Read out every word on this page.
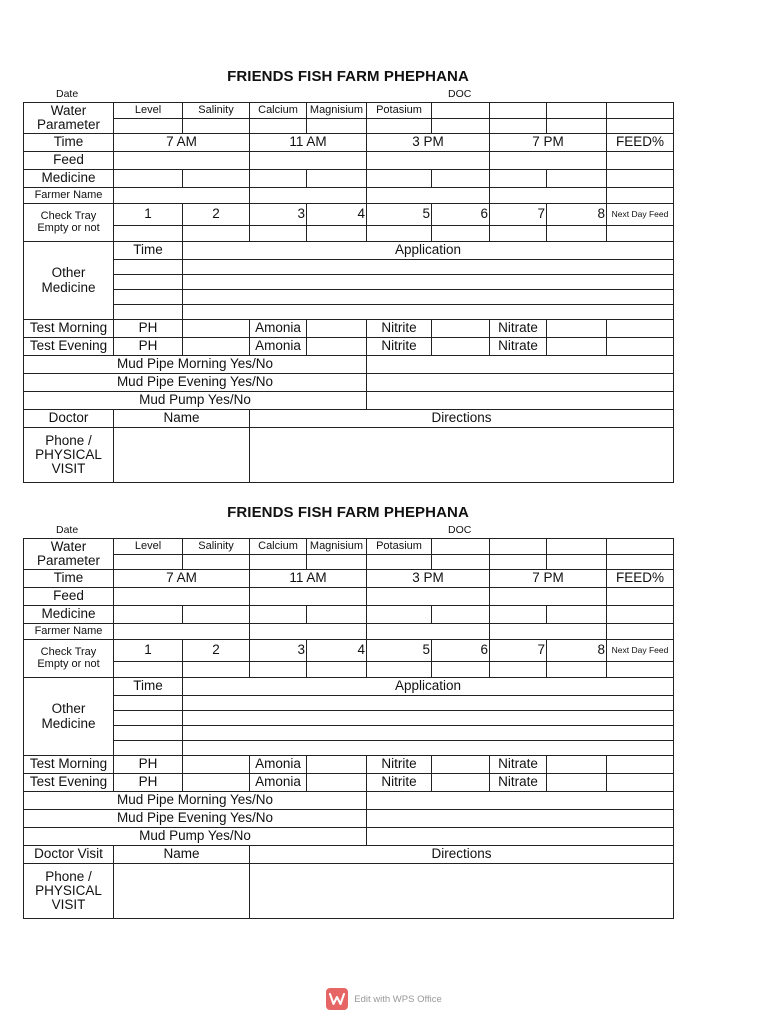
FRIENDS FISH FARM PHEPHANA
Date	DOC
Water Parameter	Level	Salinity	Calcium	Magnisium	Potasium				

Time	7 AM		11 AM		3 PM		7 PM		FEED%
Feed									
Medicine									
Farmer Name									
Check Tray Empty or not	1	2	3	4	5	6	7	8	Next Day Feed

Other Medicine	Time	Application							

Test Morning	PH		Amonia		Nitrite		Nitrate		
Test Evening	PH		Amonia		Nitrite		Nitrate		
Mud Pipe Morning Yes/No									
Mud Pipe Evening Yes/No									
Mud Pump Yes/No									
Doctor	Name		Directions						
Phone / PHYSICAL VISIT									
FRIENDS FISH FARM PHEPHANA
Date	DOC
Water Parameter	Level	Salinity	Calcium	Magnisium	Potasium				

Time	7 AM		11 AM		3 PM		7 PM		FEED%
Feed									
Medicine									
Farmer Name									
Check Tray Empty or not	1	2	3	4	5	6	7	8	Next Day Feed

Other Medicine	Time	Application							

Test Morning	PH		Amonia		Nitrite		Nitrate		
Test Evening	PH		Amonia		Nitrite		Nitrate		
Mud Pipe Morning Yes/No									
Mud Pipe Evening Yes/No									
Mud Pump Yes/No									
Doctor Visit	Name		Directions						
Phone / PHYSICAL VISIT									
Edit with WPS Office
